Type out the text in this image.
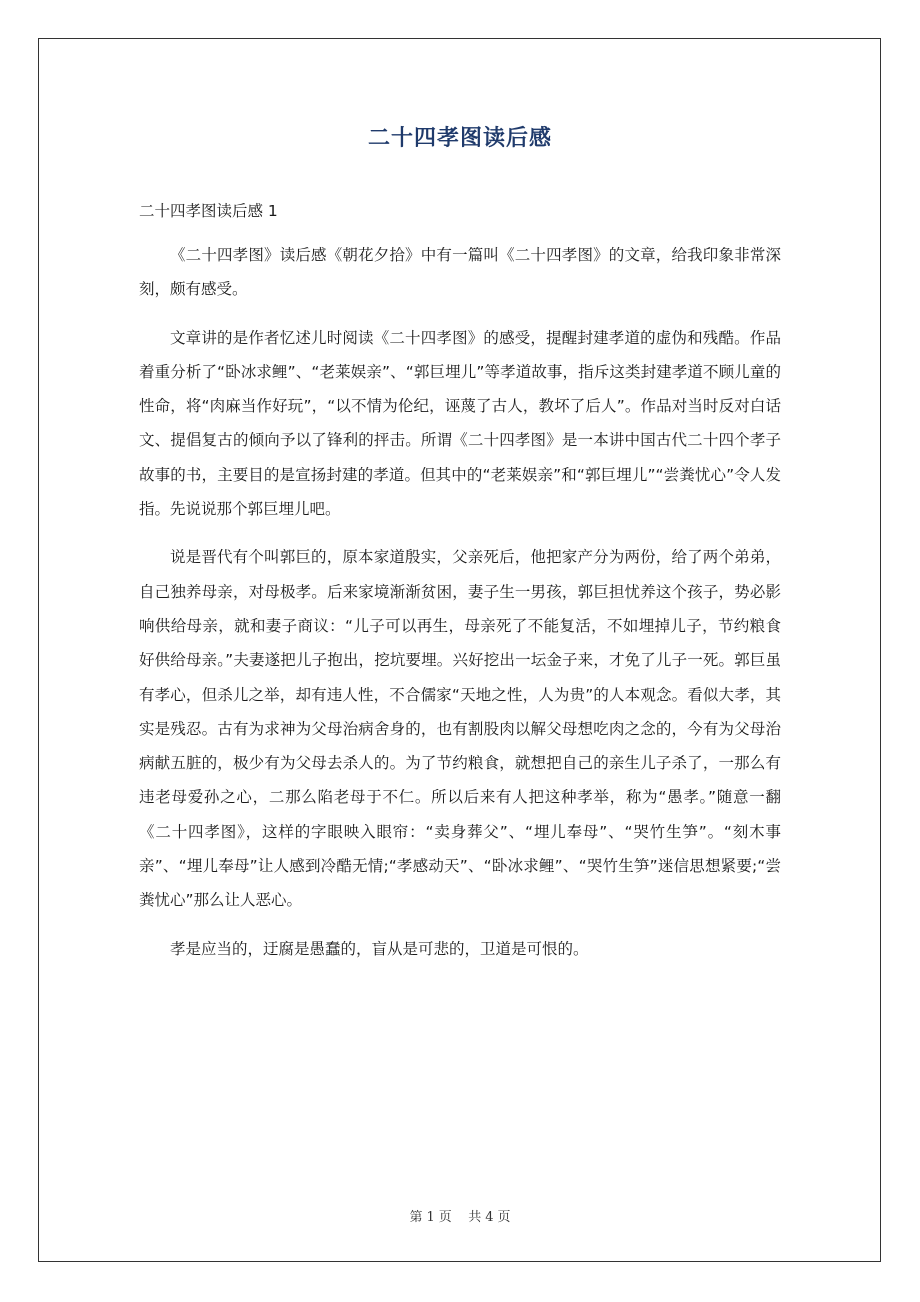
二十四孝图读后感

二十四孝图读后感 1

《二十四孝图》读后感《朝花夕拾》中有一篇叫《二十四孝图》的文章，给我印象非常深刻，颇有感受。

文章讲的是作者忆述儿时阅读《二十四孝图》的感受，提醒封建孝道的虚伪和残酷。作品着重分析了“卧冰求鲤”、“老莱娱亲”、“郭巨埋儿”等孝道故事，指斥这类封建孝道不顾儿童的性命，将“肉麻当作好玩”，“以不情为伦纪，诬蔑了古人，教坏了后人”。作品对当时反对白话文、提倡复古的倾向予以了锋利的抨击。所谓《二十四孝图》是一本讲中国古代二十四个孝子故事的书，主要目的是宣扬封建的孝道。但其中的“老莱娱亲”和“郭巨埋儿”“尝粪忧心”令人发指。先说说那个郭巨埋儿吧。

说是晋代有个叫郭巨的，原本家道殷实，父亲死后，他把家产分为两份，给了两个弟弟，自己独养母亲，对母极孝。后来家境渐渐贫困，妻子生一男孩，郭巨担忧养这个孩子，势必影响供给母亲，就和妻子商议：“儿子可以再生，母亲死了不能复活，不如埋掉儿子，节约粮食好供给母亲。”夫妻遂把儿子抱出，挖坑要埋。兴好挖出一坛金子来，才免了儿子一死。郭巨虽有孝心，但杀儿之举，却有违人性，不合儒家“天地之性，人为贵”的人本观念。看似大孝，其实是残忍。古有为求神为父母治病舍身的，也有割股肉以解父母想吃肉之念的，今有为父母治病献五脏的，极少有为父母去杀人的。为了节约粮食，就想把自己的亲生儿子杀了，一那么有违老母爱孙之心，二那么陷老母于不仁。所以后来有人把这种孝举，称为“愚孝。”随意一翻《二十四孝图》，这样的字眼映入眼帘：“卖身葬父”、“埋儿奉母”、“哭竹生笋”。“刻木事亲”、“埋儿奉母”让人感到冷酷无情;“孝感动天”、“卧冰求鲤”、“哭竹生笋”迷信思想紧要;“尝粪忧心”那么让人恶心。

孝是应当的，迂腐是愚蠢的，盲从是可悲的，卫道是可恨的。

第 1 页 共 4 页
